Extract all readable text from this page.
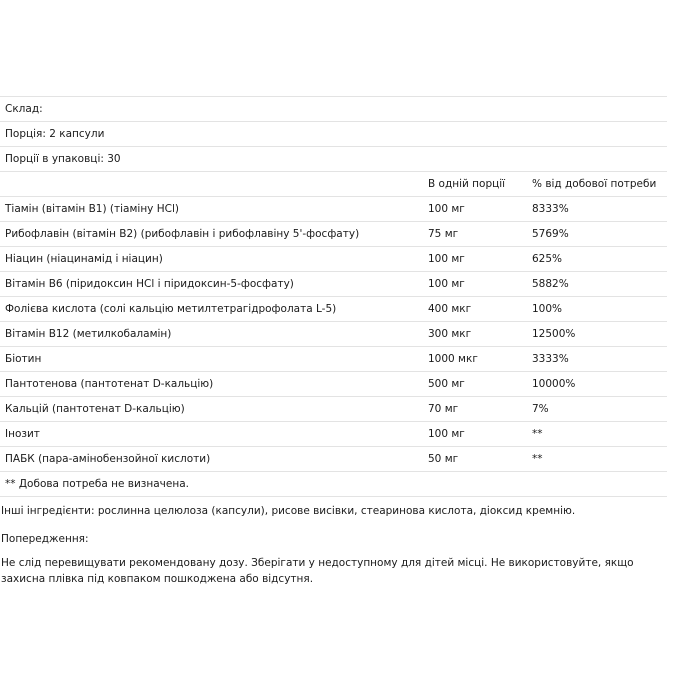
Склад:		
Порція: 2 капсули		
Порції в упаковці: 30		
	В одній порції	% від добової потреби
Тіамін (вітамін B1) (тіаміну HCl)	100 мг	8333%
Рибофлавін (вітамін B2) (рибофлавін і рибофлавіну 5'-фосфату)	75 мг	5769%
Ніацин (ніацинамід і ніацин)	100 мг	625%
Вітамін B6 (піридоксин HCl і піридоксин-5-фосфату)	100 мг	5882%
Фолієва кислота (солі кальцію метилтетрагідрофолата L-5)	400 мкг	100%
Вітамін B12 (метилкобаламін)	300 мкг	12500%
Біотин	1000 мкг	3333%
Пантотенова (пантотенат D-кальцію)	500 мг	10000%
Кальцій (пантотенат D-кальцію)	70 мг	7%
Інозит	100 мг	**
ПАБК (пара-амінобензойної кислоти)	50 мг	**
** Добова потреба не визначена.		

Інші інгредієнти: рослинна целюлоза (капсули), рисове висівки, стеаринова кислота, діоксид кремнію.

Попередження:

Не слід перевищувати рекомендовану дозу. Зберігати у недоступному для дітей місці. Не використовуйте, якщо захисна плівка під ковпаком пошкоджена або відсутня.
